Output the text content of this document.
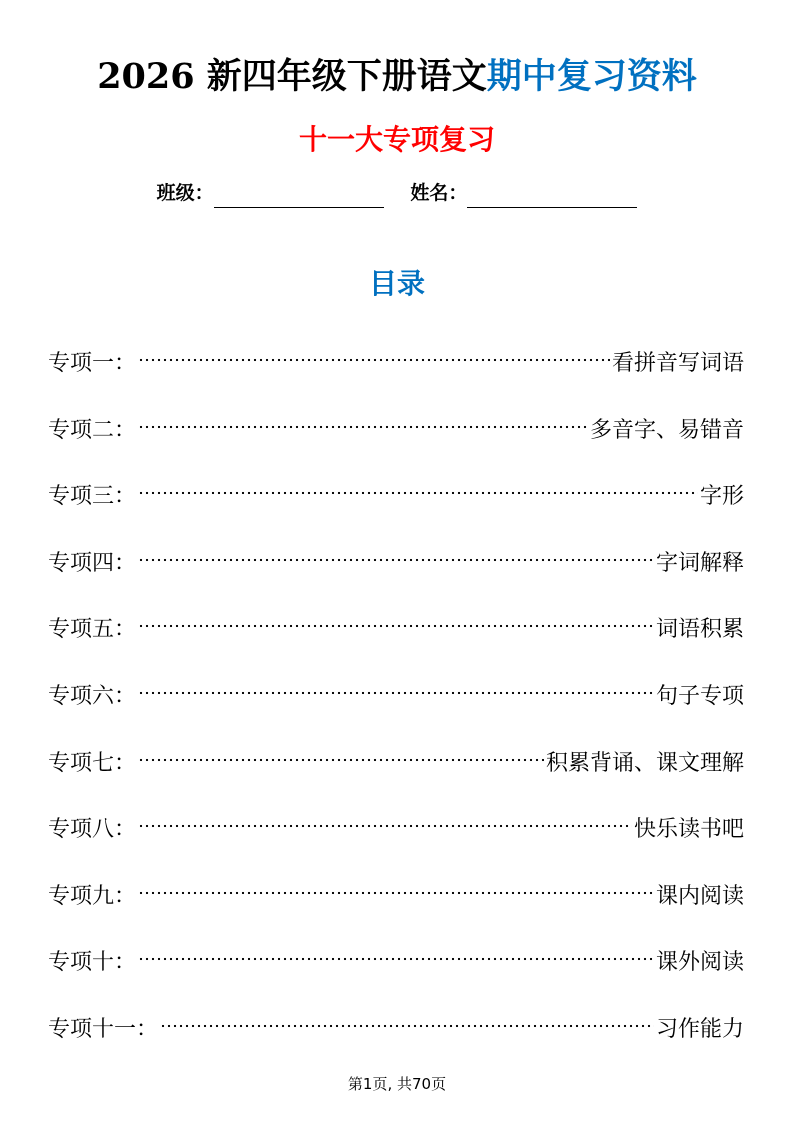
2026 新四年级下册语文期中复习资料
十一大专项复习
班级：	姓名：
目录
专项一：	看拼音写词语
专项二：	多音字、易错音
专项三：	字形
专项四：	字词解释
专项五：	词语积累
专项六：	句子专项
专项七：	积累背诵、课文理解
专项八：	快乐读书吧
专项九：	课内阅读
专项十：	课外阅读
专项十一：	习作能力
第1页, 共70页
